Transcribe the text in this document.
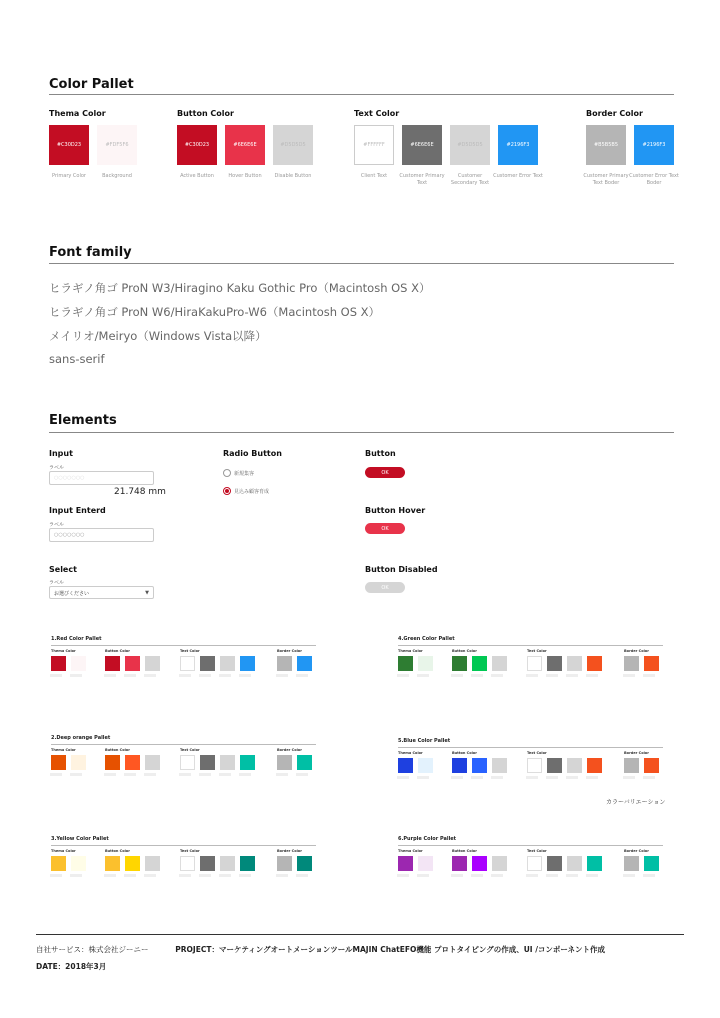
Color Pallet
Thema Color
#C30D23
Primary Color
#FDF5F6
Background
Button Color
#C30D23
Active Button
#6E6E6E
Hover Button
#D5D5D5
Disable Button
Text Color
#FFFFFF
Client Text
#6E6E6E
Customer Primary Text
#D5D5D5
Customer Secondary Text
#2196F3
Customer Error Text
Border Color
#B5B5B5
Customer Primary Text Boder
#2196F3
Customer Error Text Boder
Font family
ヒラギノ角ゴ ProN W3/Hiragino Kaku Gothic Pro（Macintosh OS X）
ヒラギノ角ゴ ProN W6/HiraKakuPro-W6（Macintosh OS X）
メイリオ/Meiryo（Windows Vista以降）
sans-serif
Elements
Input
ラベル
○○○○○○○
21.748 mm
Input Enterd
ラベル
○○○○○○○
Select
ラベル
お選びください	▼
Radio Button
新規集客
見込み顧客育成
Button
OK
Button Hover
OK
Button Disabled
OK
1.Red Color Pallet
Thema Color	Button Color	Text Color	Border Color
4.Green Color Pallet
Thema Color	Button Color	Text Color	Border Color
2.Deep orange Pallet
Thema Color	Button Color	Text Color	Border Color
5.Blue Color Pallet
Thema Color	Button Color	Text Color	Border Color
3.Yellow Color Pallet
Thema Color	Button Color	Text Color	Border Color
6.Purple Color Pallet
Thema Color	Button Color	Text Color	Border Color
カラーバリエーション
自社サービス：株式会社ジーニー	PROJECT：マーケティングオートメーションツールMAJIN ChatEFO機能 プロトタイピングの作成、UI /コンポーネント作成
DATE：2018年3月
